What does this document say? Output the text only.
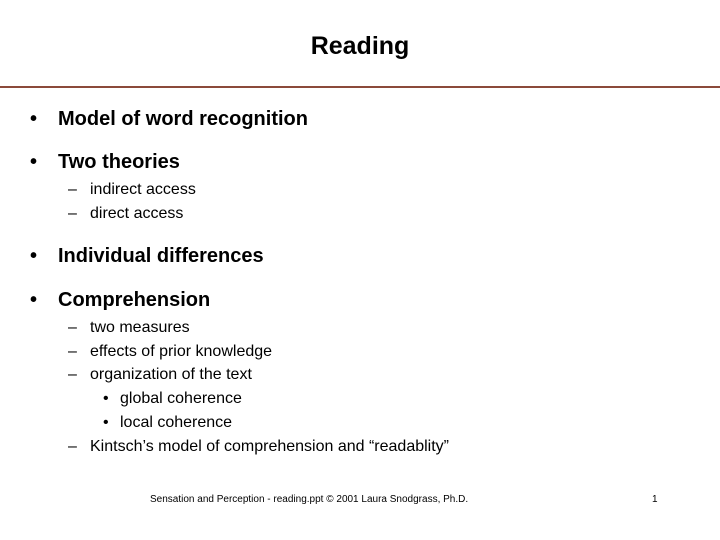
Reading
• Model of word recognition
• Two theories
– indirect access
– direct access
• Individual differences
• Comprehension
– two measures
– effects of prior knowledge
– organization of the text
• global coherence
• local coherence
– Kintsch’s model of comprehension and “readablity”
Sensation and Perception - reading.ppt © 2001 Laura Snodgrass, Ph.D.	1
